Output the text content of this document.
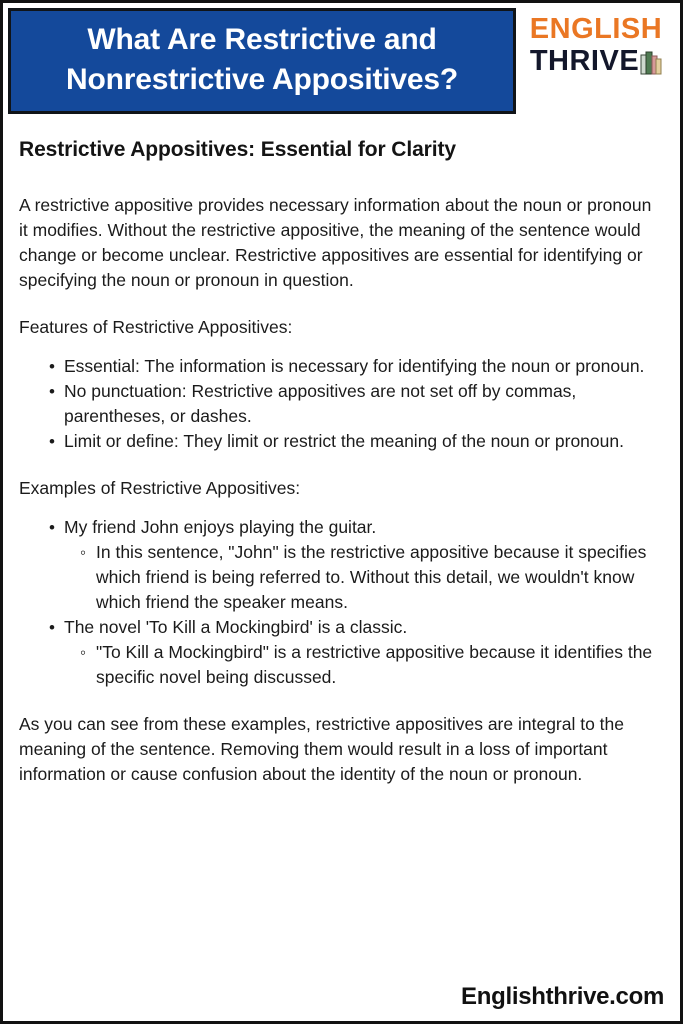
What Are Restrictive and
Nonrestrictive Appositives?
ENGLISH
THRIVE
Restrictive Appositives: Essential for Clarity

A restrictive appositive provides necessary information about the noun or pronoun it modifies. Without the restrictive appositive, the meaning of the sentence would change or become unclear. Restrictive appositives are essential for identifying or specifying the noun or pronoun in question.

Features of Restrictive Appositives:

• Essential: The information is necessary for identifying the noun or pronoun.
• No punctuation: Restrictive appositives are not set off by commas, parentheses, or dashes.
• Limit or define: They limit or restrict the meaning of the noun or pronoun.

Examples of Restrictive Appositives:

• My friend John enjoys playing the guitar.
◦ In this sentence, "John" is the restrictive appositive because it specifies which friend is being referred to. Without this detail, we wouldn't know which friend the speaker means.
• The novel 'To Kill a Mockingbird' is a classic.
◦ "To Kill a Mockingbird" is a restrictive appositive because it identifies the specific novel being discussed.

As you can see from these examples, restrictive appositives are integral to the meaning of the sentence. Removing them would result in a loss of important information or cause confusion about the identity of the noun or pronoun.

Englishthrive.com
